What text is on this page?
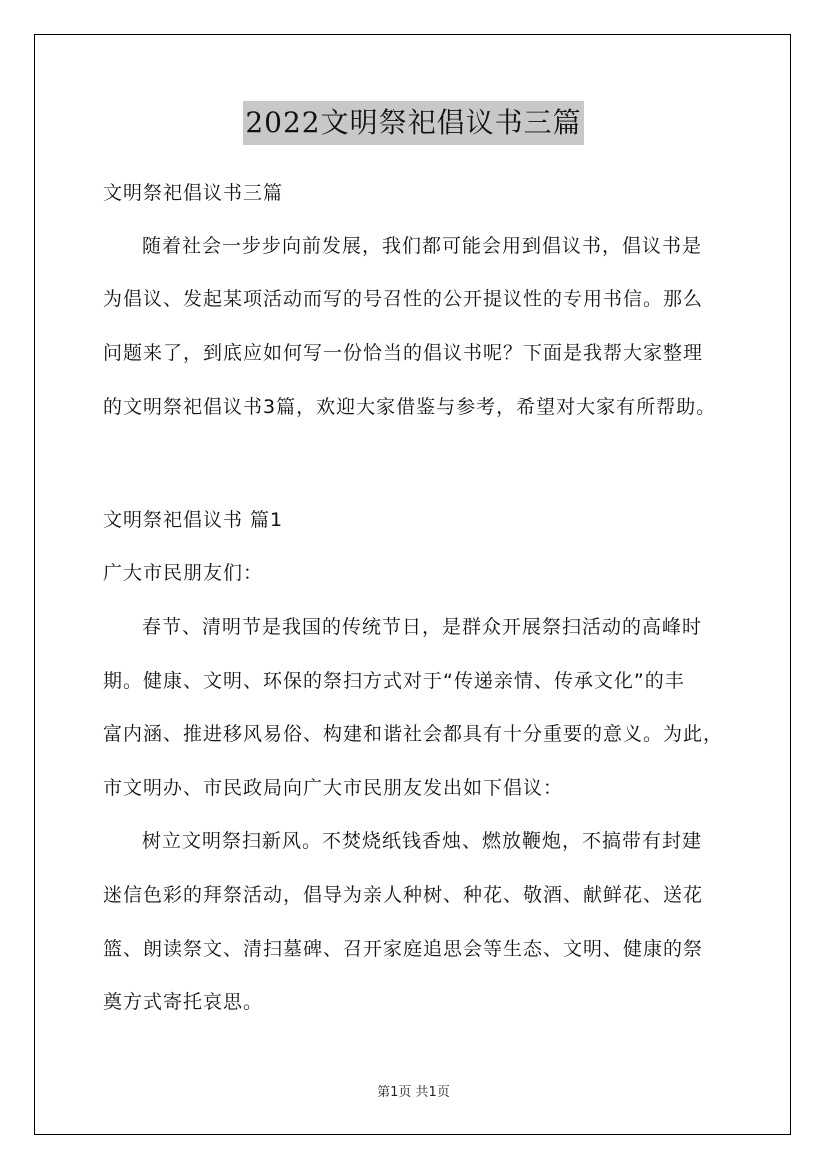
2022文明祭祀倡议书三篇
文明祭祀倡议书三篇
随着社会一步步向前发展，我们都可能会用到倡议书，倡议书是
为倡议、发起某项活动而写的号召性的公开提议性的专用书信。那么
问题来了，到底应如何写一份恰当的倡议书呢？下面是我帮大家整理
的文明祭祀倡议书3篇，欢迎大家借鉴与参考，希望对大家有所帮助。
文明祭祀倡议书 篇1
广大市民朋友们：
春节、清明节是我国的传统节日，是群众开展祭扫活动的高峰时
期。健康、文明、环保的祭扫方式对于“传递亲情、传承文化”的丰
富内涵、推进移风易俗、构建和谐社会都具有十分重要的意义。为此，
市文明办、市民政局向广大市民朋友发出如下倡议：
树立文明祭扫新风。不焚烧纸钱香烛、燃放鞭炮，不搞带有封建
迷信色彩的拜祭活动，倡导为亲人种树、种花、敬酒、献鲜花、送花
篮、朗读祭文、清扫墓碑、召开家庭追思会等生态、文明、健康的祭
奠方式寄托哀思。
第1页 共1页
